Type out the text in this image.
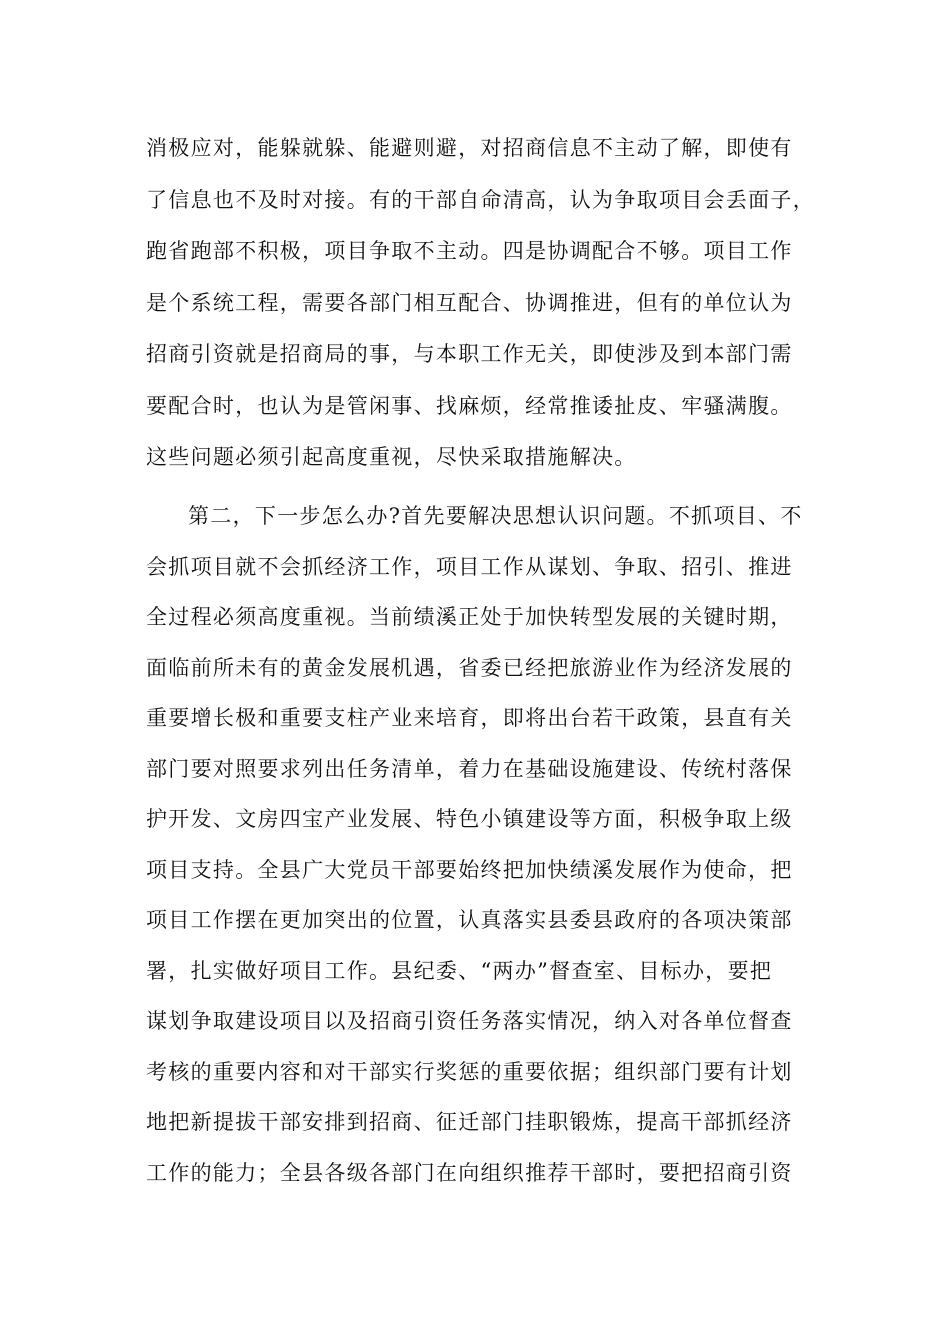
消极应对，能躲就躲、能避则避，对招商信息不主动了解，即使有
了信息也不及时对接。有的干部自命清高，认为争取项目会丢面子，
跑省跑部不积极，项目争取不主动。四是协调配合不够。项目工作
是个系统工程，需要各部门相互配合、协调推进，但有的单位认为
招商引资就是招商局的事，与本职工作无关，即使涉及到本部门需
要配合时，也认为是管闲事、找麻烦，经常推诿扯皮、牢骚满腹。
这些问题必须引起高度重视，尽快采取措施解决。
第二，下一步怎么办?首先要解决思想认识问题。不抓项目、不
会抓项目就不会抓经济工作，项目工作从谋划、争取、招引、推进
全过程必须高度重视。当前绩溪正处于加快转型发展的关键时期，
面临前所未有的黄金发展机遇，省委已经把旅游业作为经济发展的
重要增长极和重要支柱产业来培育，即将出台若干政策，县直有关
部门要对照要求列出任务清单，着力在基础设施建设、传统村落保
护开发、文房四宝产业发展、特色小镇建设等方面，积极争取上级
项目支持。全县广大党员干部要始终把加快绩溪发展作为使命，把
项目工作摆在更加突出的位置，认真落实县委县政府的各项决策部
署，扎实做好项目工作。县纪委、“两办”督查室、目标办，要把
谋划争取建设项目以及招商引资任务落实情况，纳入对各单位督查
考核的重要内容和对干部实行奖惩的重要依据；组织部门要有计划
地把新提拔干部安排到招商、征迁部门挂职锻炼，提高干部抓经济
工作的能力；全县各级各部门在向组织推荐干部时，要把招商引资
